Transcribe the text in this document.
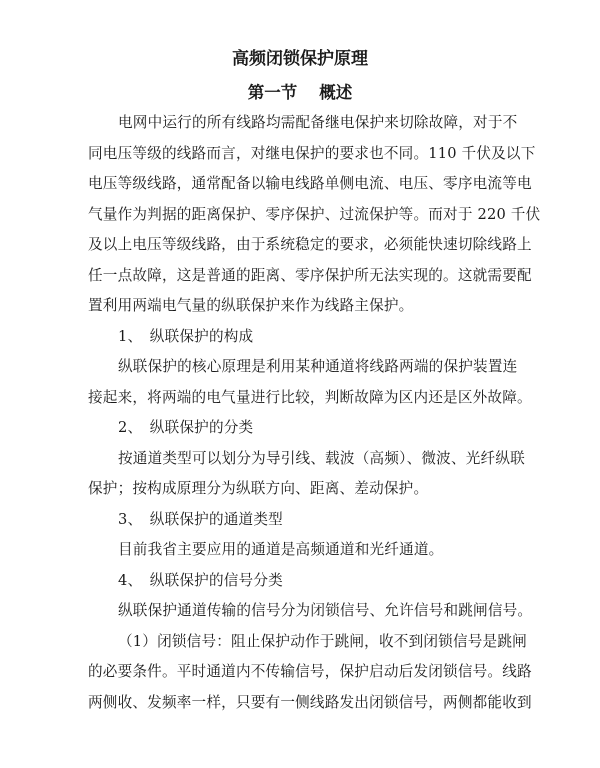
高频闭锁保护原理
第一节 概述
电网中运行的所有线路均需配备继电保护来切除故障，对于不
同电压等级的线路而言，对继电保护的要求也不同。110 千伏及以下
电压等级线路，通常配备以输电线路单侧电流、电压、零序电流等电
气量作为判据的距离保护、零序保护、过流保护等。而对于 220 千伏
及以上电压等级线路，由于系统稳定的要求，必须能快速切除线路上
任一点故障，这是普通的距离、零序保护所无法实现的。这就需要配
置利用两端电气量的纵联保护来作为线路主保护。
1、　纵联保护的构成
纵联保护的核心原理是利用某种通道将线路两端的保护装置连
接起来，将两端的电气量进行比较，判断故障为区内还是区外故障。
2、　纵联保护的分类
按通道类型可以划分为导引线、载波（高频）、微波、光纤纵联
保护；按构成原理分为纵联方向、距离、差动保护。
3、　纵联保护的通道类型
目前我省主要应用的通道是高频通道和光纤通道。
4、　纵联保护的信号分类
纵联保护通道传输的信号分为闭锁信号、允许信号和跳闸信号。
（1）闭锁信号：阻止保护动作于跳闸，收不到闭锁信号是跳闸
的必要条件。平时通道内不传输信号，保护启动后发闭锁信号。线路
两侧收、发频率一样，只要有一侧线路发出闭锁信号，两侧都能收到
